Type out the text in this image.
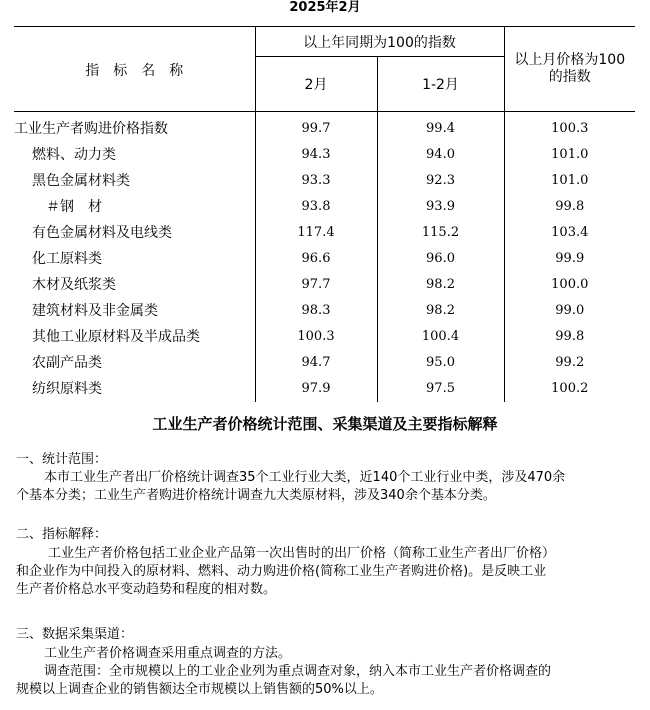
2025年2月
指标名称	以上年同期为100的指数		以上月价格为100
的指数
	2月	1-2月	
工业生产者购进价格指数	99.7	99.4	100.3
燃料、动力类	94.3	94.0	101.0
黑色金属材料类	93.3	92.3	101.0
＃钢　材	93.8	93.9	99.8
有色金属材料及电线类	117.4	115.2	103.4
化工原料类	96.6	96.0	99.9
木材及纸浆类	97.7	98.2	100.0
建筑材料及非金属类	98.3	98.2	99.0
其他工业原材料及半成品类	100.3	100.4	99.8
农副产品类	94.7	95.0	99.2
纺织原料类	97.9	97.5	100.2
工业生产者价格统计范围、采集渠道及主要指标解释
一、统计范围：
本市工业生产者出厂价格统计调查35个工业行业大类，近140个工业行业中类，涉及470余
个基本分类；工业生产者购进价格统计调查九大类原材料，涉及340余个基本分类。
二、指标解释：
工业生产者价格包括工业企业产品第一次出售时的出厂价格（简称工业生产者出厂价格）
和企业作为中间投入的原材料、燃料、动力购进价格(简称工业生产者购进价格)。是反映工业
生产者价格总水平变动趋势和程度的相对数。
三、数据采集渠道：
工业生产者价格调查采用重点调查的方法。
调查范围：全市规模以上的工业企业列为重点调查对象，纳入本市工业生产者价格调查的
规模以上调查企业的销售额达全市规模以上销售额的50%以上。
